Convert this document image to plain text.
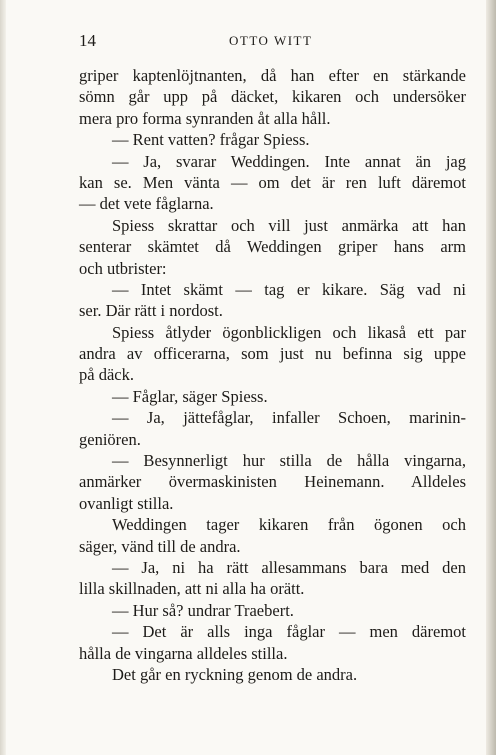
14	OTTO WITT
griper kaptenlöjtnanten, då han efter en stärkande
sömn går upp på däcket, kikaren och undersöker
mera pro forma synranden åt alla håll.
— Rent vatten? frågar Spiess.
— Ja, svarar Weddingen. Inte annat än jag
kan se. Men vänta — om det är ren luft däremot
— det vete fåglarna.
Spiess skrattar och vill just anmärka att han
senterar skämtet då Weddingen griper hans arm
och utbrister:
— Intet skämt — tag er kikare. Säg vad ni
ser. Där rätt i nordost.
Spiess åtlyder ögonblickligen och likaså ett par
andra av officerarna, som just nu befinna sig uppe
på däck.
— Fåglar, säger Spiess.
— Ja, jättefåglar, infaller Schoen, marinin-
geniören.
— Besynnerligt hur stilla de hålla vingarna,
anmärker övermaskinisten Heinemann. Alldeles
ovanligt stilla.
Weddingen tager kikaren från ögonen och
säger, vänd till de andra.
— Ja, ni ha rätt allesammans bara med den
lilla skillnaden, att ni alla ha orätt.
— Hur så? undrar Traebert.
— Det är alls inga fåglar — men däremot
hålla de vingarna alldeles stilla.
Det går en ryckning genom de andra.
